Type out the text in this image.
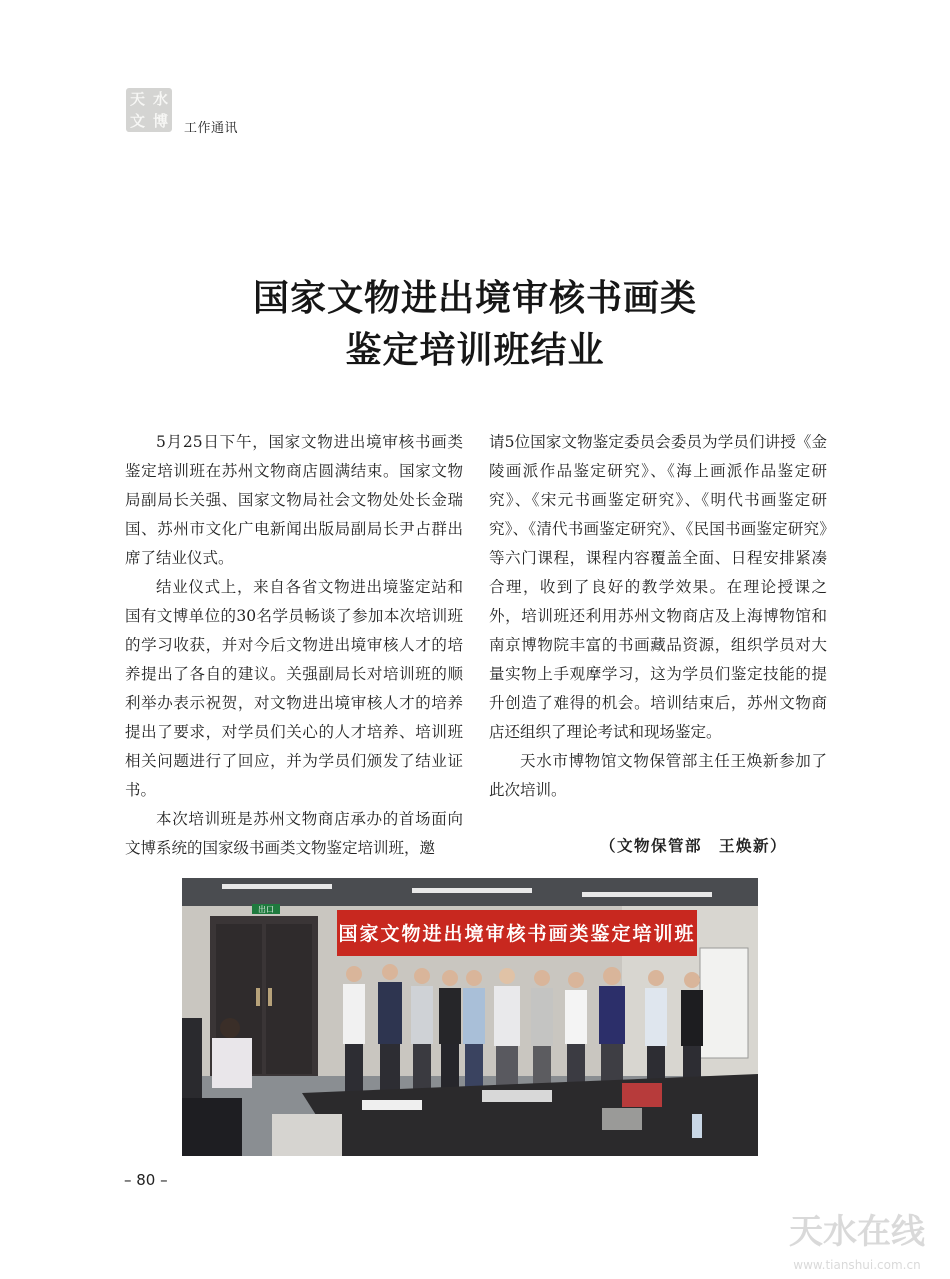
天 水
文 博 工作通讯
国家文物进出境审核书画类
鉴定培训班结业

5月25日下午，国家文物进出境审核书画类鉴定培训班在苏州文物商店圆满结束。国家文物局副局长关强、国家文物局社会文物处处长金瑞国、苏州市文化广电新闻出版局副局长尹占群出席了结业仪式。

结业仪式上，来自各省文物进出境鉴定站和国有文博单位的30名学员畅谈了参加本次培训班的学习收获，并对今后文物进出境审核人才的培养提出了各自的建议。关强副局长对培训班的顺利举办表示祝贺，对文物进出境审核人才的培养提出了要求，对学员们关心的人才培养、培训班相关问题进行了回应，并为学员们颁发了结业证书。

本次培训班是苏州文物商店承办的首场面向文博系统的国家级书画类文物鉴定培训班，邀

请5位国家文物鉴定委员会委员为学员们讲授《金陵画派作品鉴定研究》、《海上画派作品鉴定研究》、《宋元书画鉴定研究》、《明代书画鉴定研究》、《清代书画鉴定研究》、《民国书画鉴定研究》等六门课程，课程内容覆盖全面、日程安排紧凑合理，收到了良好的教学效果。在理论授课之外，培训班还利用苏州文物商店及上海博物馆和南京博物院丰富的书画藏品资源，组织学员对大量实物上手观摩学习，这为学员们鉴定技能的提升创造了难得的机会。培训结束后，苏州文物商店还组织了理论考试和现场鉴定。

天水市博物馆文物保管部主任王焕新参加了此次培训。

（文物保管部　王焕新）
出口
国家文物进出境审核书画类鉴定培训班
– 80 –
天水在线
www.tianshui.com.cn
